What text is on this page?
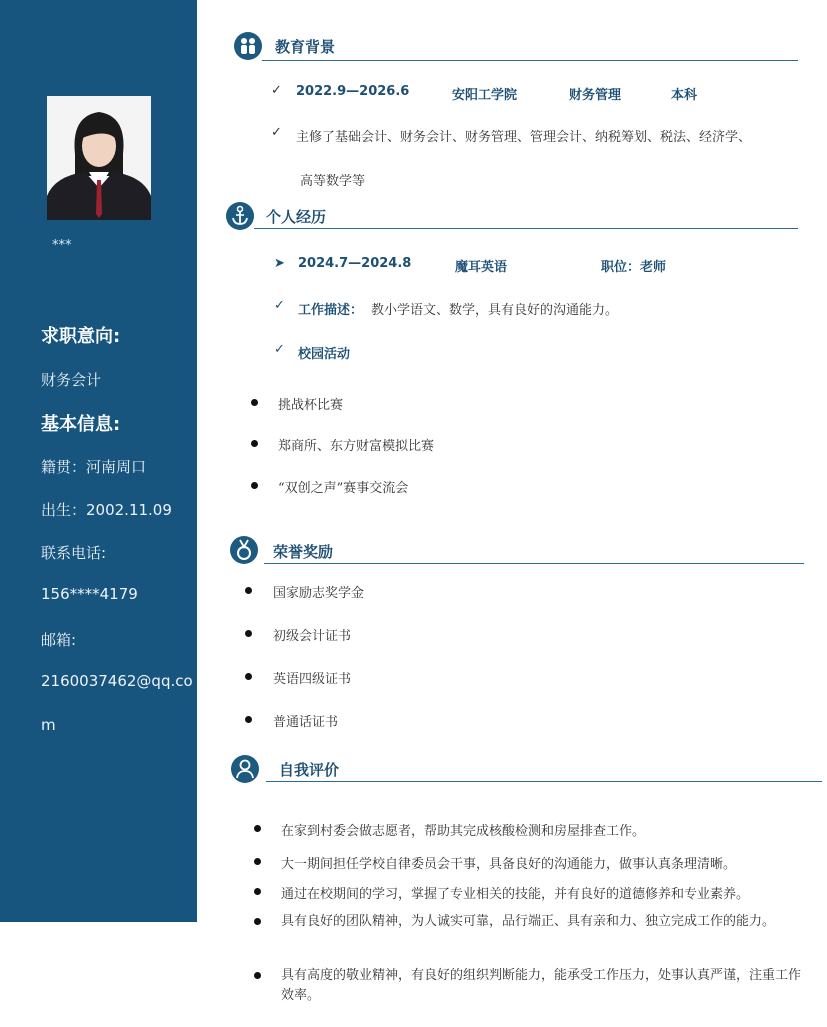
***
求职意向:
财务会计
基本信息:
籍贯：河南周口
出生：2002.11.09
联系电话:
156****4179
邮箱:
2160037462@qq.co
m
教育背景
✓ 2022.9—2026.6	安阳工学院	财务管理	本科
✓ 主修了基础会计、财务会计、财务管理、管理会计、纳税筹划、税法、经济学、
高等数学等
个人经历
➤ 2024.7—2024.8	魔耳英语	职位：老师
✓ 工作描述： 教小学语文、数学，具有良好的沟通能力。
✓ 校园活动
挑战杯比赛
郑商所、东方财富模拟比赛
“双创之声”赛事交流会
荣誉奖励
国家励志奖学金
初级会计证书
英语四级证书
普通话证书
自我评价
在家到村委会做志愿者，帮助其完成核酸检测和房屋排查工作。
大一期间担任学校自律委员会干事，具备良好的沟通能力，做事认真条理清晰。
通过在校期间的学习，掌握了专业相关的技能，并有良好的道德修养和专业素养。
具有良好的团队精神，为人诚实可靠，品行端正、具有亲和力、独立完成工作的能力。
具有高度的敬业精神，有良好的组织判断能力，能承受工作压力，处事认真严谨，注重工作效率。
